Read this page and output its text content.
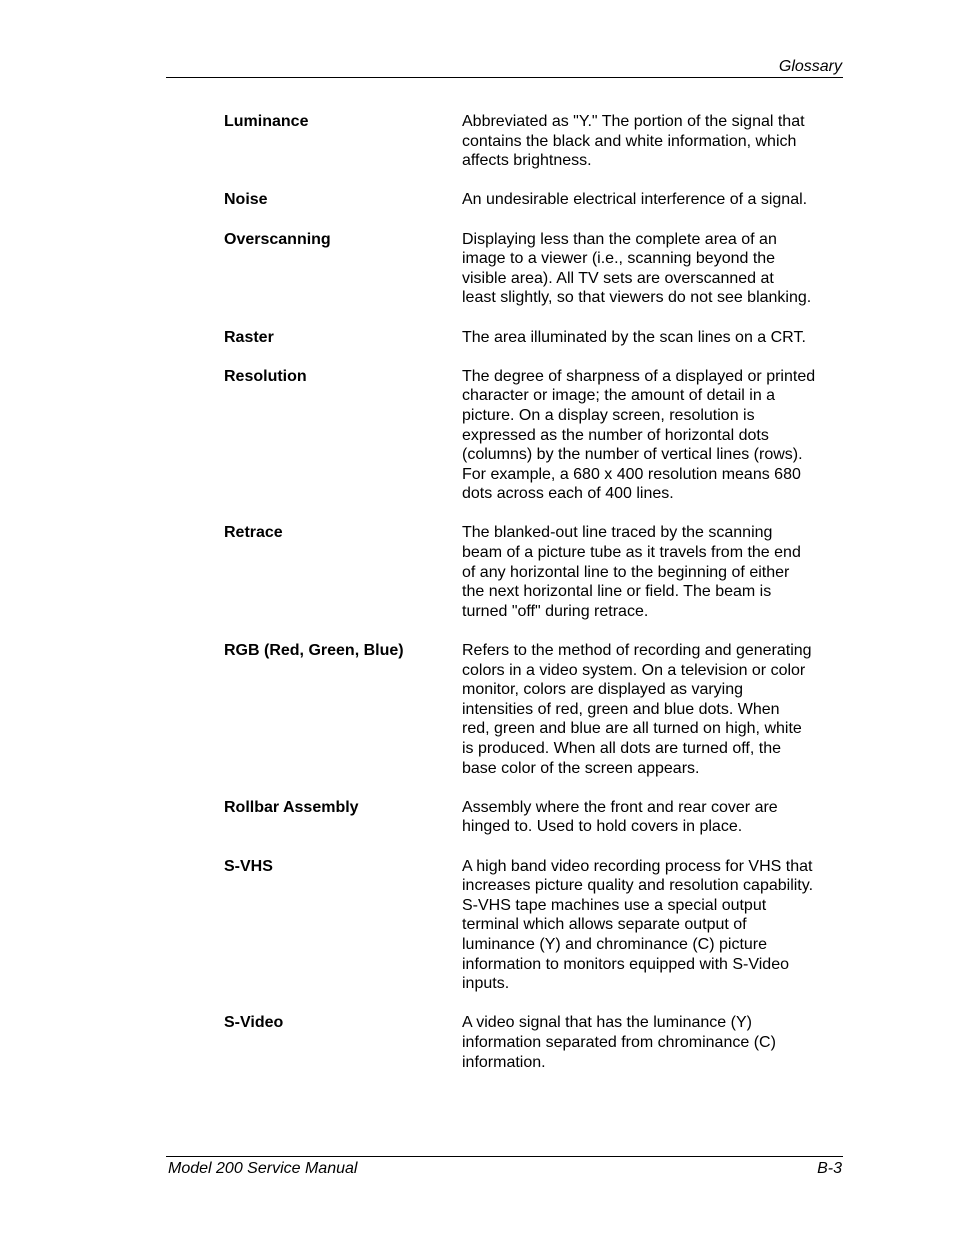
Glossary
Luminance	Abbreviated as "Y." The portion of the signal that
contains the black and white information, which
affects brightness.
Noise	An undesirable electrical interference of a signal.
Overscanning	Displaying less than the complete area of an
image to a viewer (i.e., scanning beyond the
visible area). All TV sets are overscanned at
least slightly, so that viewers do not see blanking.
Raster	The area illuminated by the scan lines on a CRT.
Resolution	The degree of sharpness of a displayed or printed
character or image; the amount of detail in a
picture. On a display screen, resolution is
expressed as the number of horizontal dots
(columns) by the number of vertical lines (rows).
For example, a 680 x 400 resolution means 680
dots across each of 400 lines.
Retrace	The blanked-out line traced by the scanning
beam of a picture tube as it travels from the end
of any horizontal line to the beginning of either
the next horizontal line or field. The beam is
turned "off" during retrace.
RGB (Red, Green, Blue)	Refers to the method of recording and generating
colors in a video system. On a television or color
monitor, colors are displayed as varying
intensities of red, green and blue dots. When
red, green and blue are all turned on high, white
is produced. When all dots are turned off, the
base color of the screen appears.
Rollbar Assembly	Assembly where the front and rear cover are
hinged to. Used to hold covers in place.
S-VHS	A high band video recording process for VHS that
increases picture quality and resolution capability.
S-VHS tape machines use a special output
terminal which allows separate output of
luminance (Y) and chrominance (C) picture
information to monitors equipped with S-Video
inputs.
S-Video	A video signal that has the luminance (Y)
information separated from chrominance (C)
information.
Model 200 Service Manual	B-3
